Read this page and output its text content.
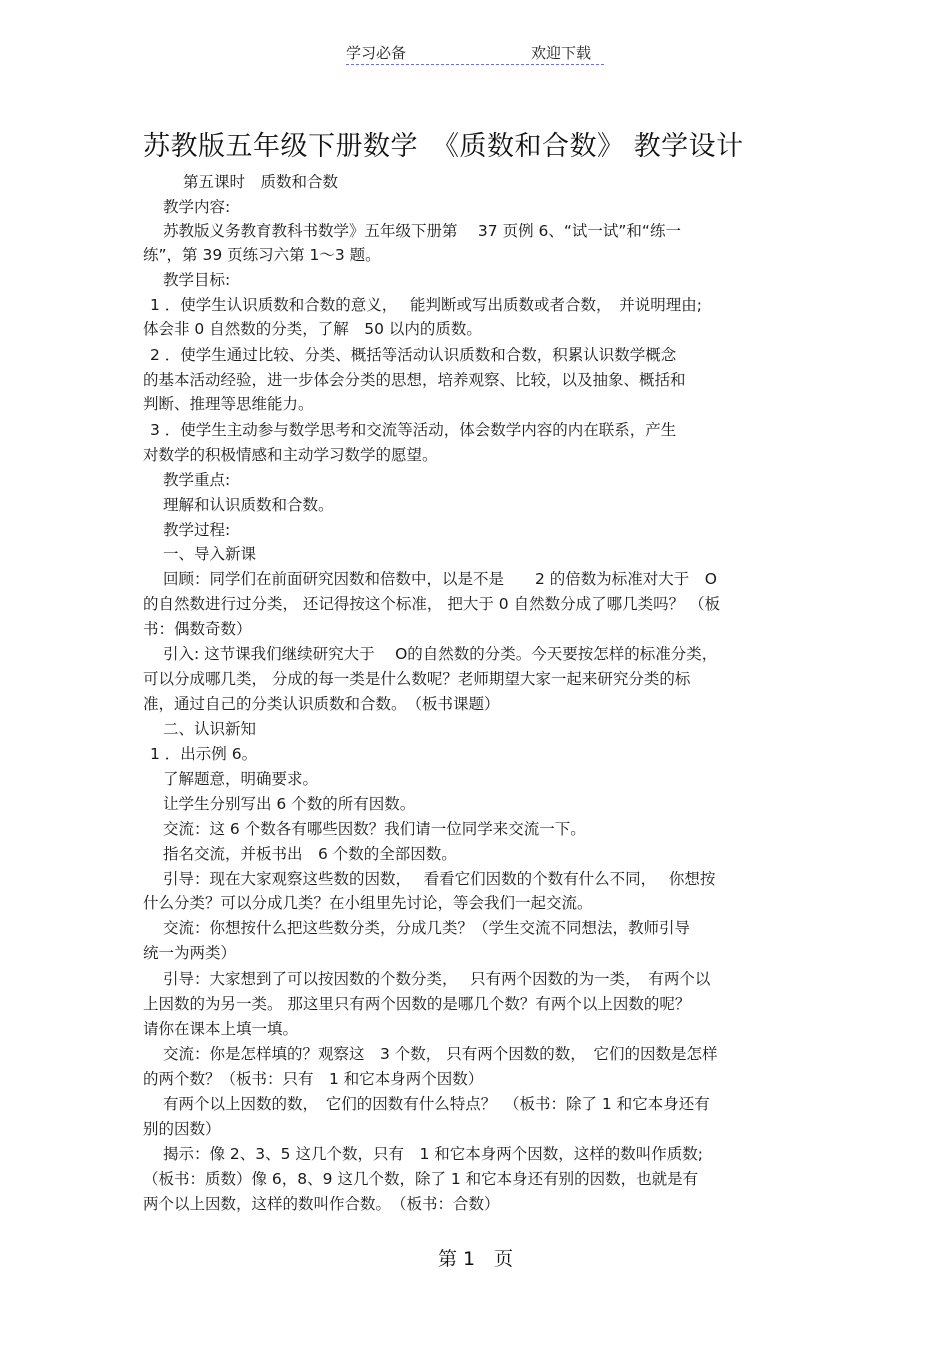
学习必备	欢迎下载
苏教版五年级下册数学　《质数和合数》 教学设计
第五课时　质数和合数
教学内容:
苏教版义务教育教科书数学》五年级下册第　 37 页例 6、“试一试”和“练一
练”，第 39 页练习六第 1～3 题。
教学目标:
1 ．使学生认识质数和合数的意义，　 能判断或写出质数或者合数，　并说明理由;
体会非 0 自然数的分类，了解　50 以内的质数。
2 ．使学生通过比较、分类、概括等活动认识质数和合数，积累认识数学概念
的基本活动经验，进一步体会分类的思想，培养观察、比较，以及抽象、概括和
判断、推理等思维能力。
3 ．使学生主动参与数学思考和交流等活动，体会数学内容的内在联系，产生
对数学的积极情感和主动学习数学的愿望。
教学重点:
理解和认识质数和合数。
教学过程:
一、导入新课
回顾：同学们在前面研究因数和倍数中，以是不是　　2 的倍数为标准对大于　O
的自然数进行过分类， 还记得按这个标准， 把大于 0 自然数分成了哪几类吗？ （板
书：偶数奇数）
引入: 这节课我们继续研究大于　 O的自然数的分类。今天要按怎样的标准分类，
可以分成哪几类， 分成的每一类是什么数呢？老师期望大家一起来研究分类的标
准，通过自己的分类认识质数和合数。　（板书课题）
二、认识新知
1 ．出示例 6。
了解题意，明确要求。
让学生分别写出 6 个数的所有因数。
交流：这 6 个数各有哪些因数？我们请一位同学来交流一下。
指名交流，并板书出　6 个数的全部因数。
引导：现在大家观察这些数的因数，　 看看它们因数的个数有什么不同，　 你想按
什么分类？可以分成几类？在小组里先讨论，等会我们一起交流。
交流：你想按什么把这些数分类，分成几类？（学生交流不同想法，教师引导
统一为两类）
引导：大家想到了可以按因数的个数分类，　 只有两个因数的为一类，　有两个以
上因数的为另一类。 那这里只有两个因数的是哪几个数？有两个以上因数的呢？
请你在课本上填一填。
交流：你是怎样填的？观察这　3 个数， 只有两个因数的数，　它们的因数是怎样
的两个数？（板书：只有　1 和它本身两个因数）
有两个以上因数的数，　它们的因数有什么特点？　（板书：除了 1 和它本身还有
别的因数）
揭示：像 2、3、5 这几个数，只有　1 和它本身两个因数，这样的数叫作质数;
（板书：质数）像 6，8、9 这几个数，除了 1 和它本身还有别的因数，也就是有
两个以上因数，这样的数叫作合数。　（板书：合数）
第 1　页
